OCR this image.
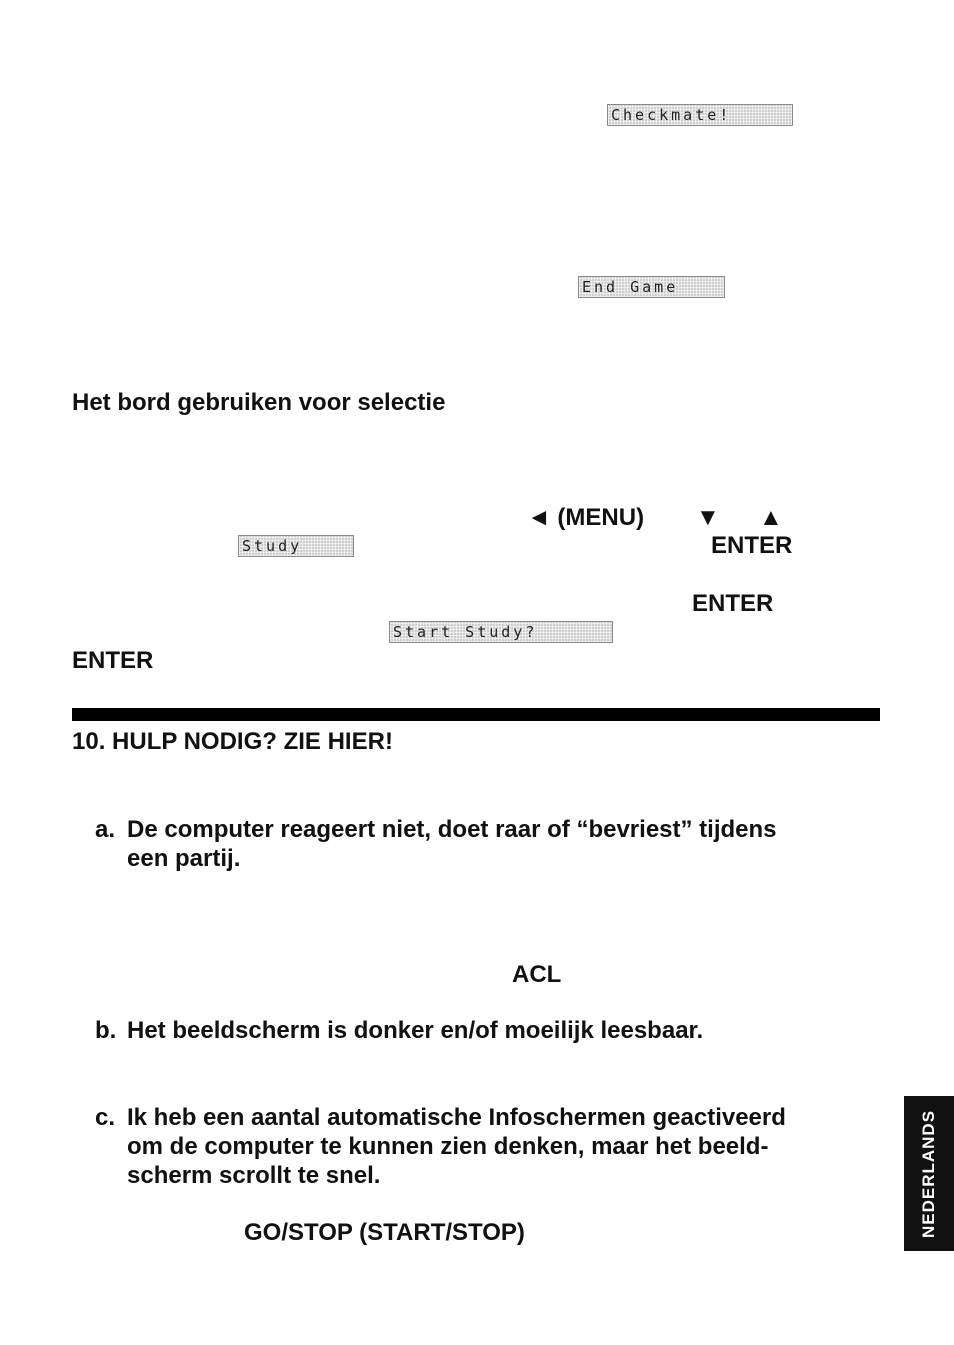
Checkmate!
End Game
Het bord gebruiken voor selectie
◄ (MENU) ▼ ▲
Study	ENTER
ENTER
Start Study?
ENTER
10. HULP NODIG? ZIE HIER!
a. De computer reageert niet, doet raar of “bevriest” tijdens
een partij.
ACL
b. Het beeldscherm is donker en/of moeilijk leesbaar.
c. Ik heb een aantal automatische Infoschermen geactiveerd
om de computer te kunnen zien denken, maar het beeld-
scherm scrollt te snel.
GO/STOP (START/STOP)	NEDERLANDS
